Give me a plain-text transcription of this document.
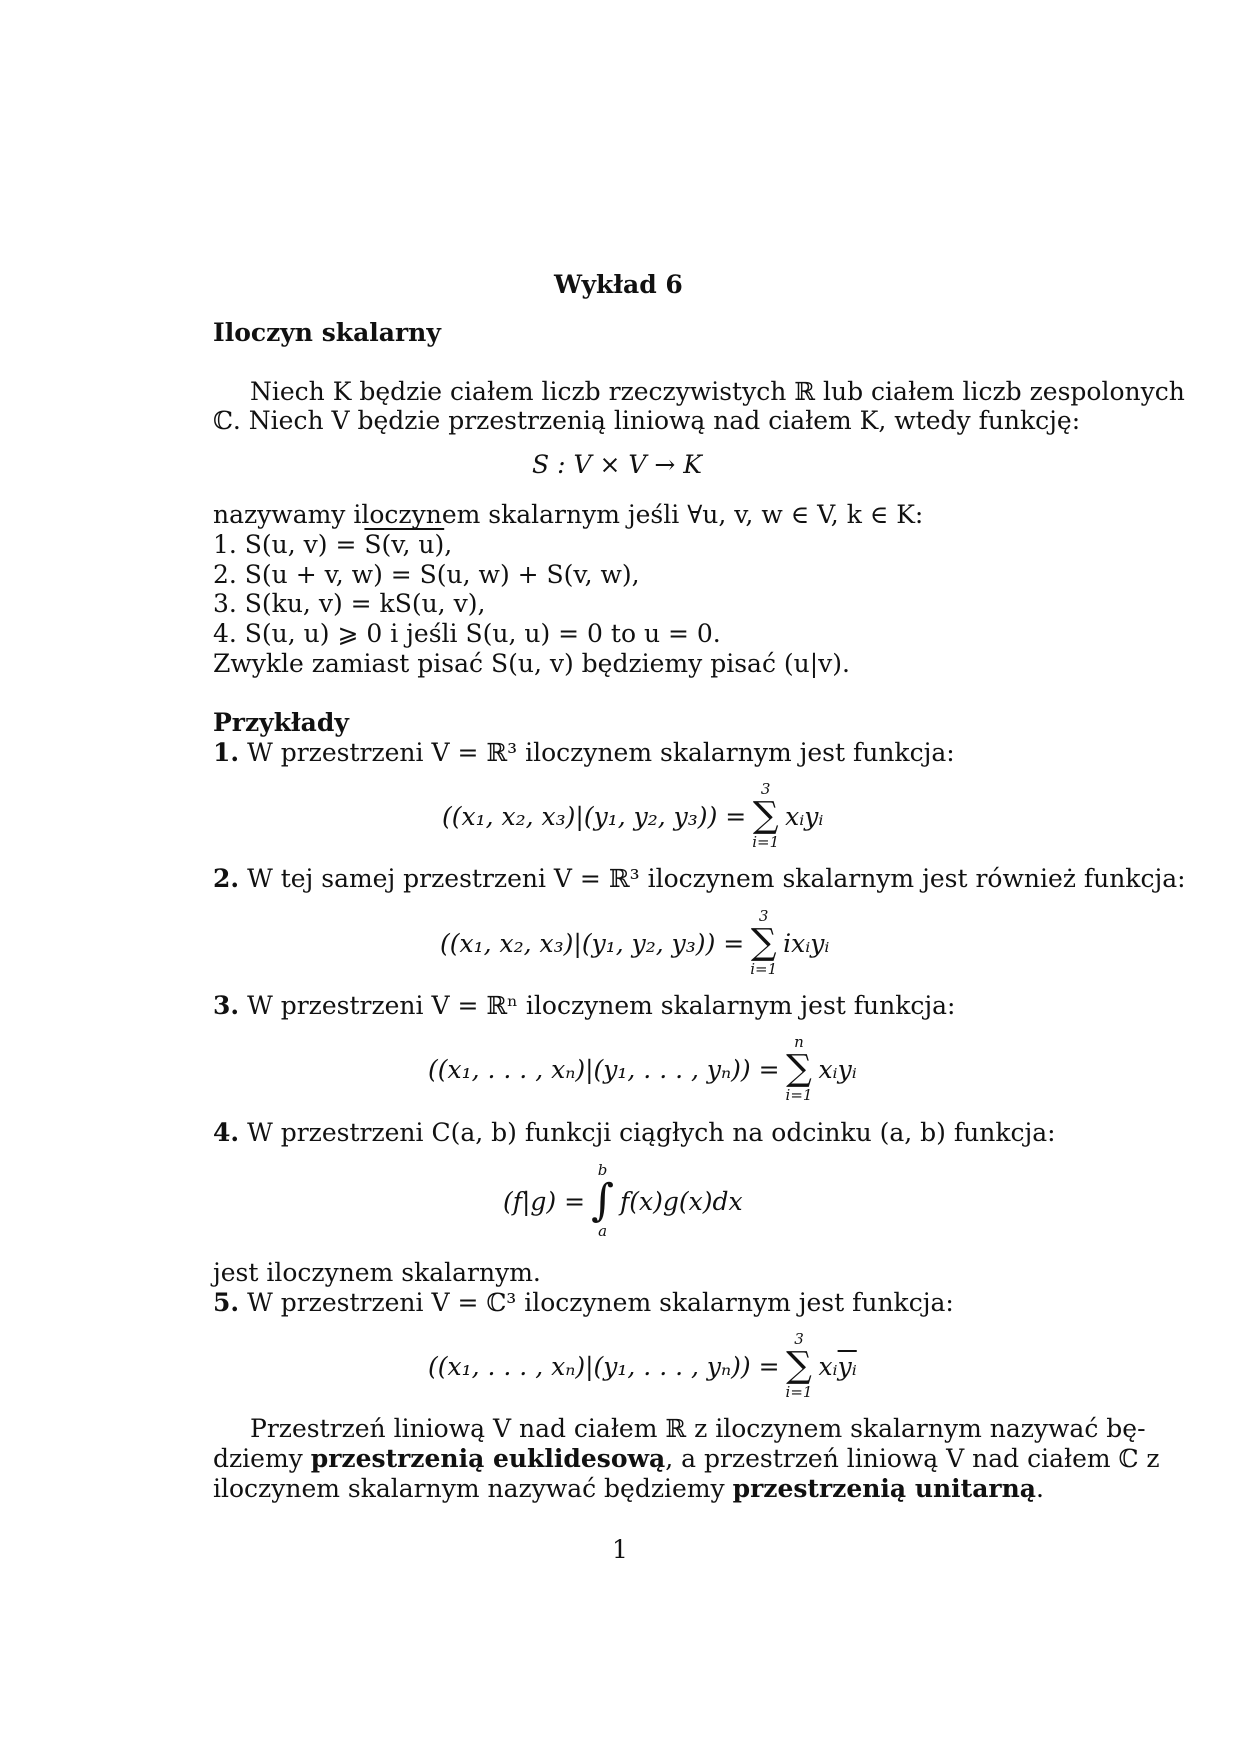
Wykład 6
Iloczyn skalarny
Niech K będzie ciałem liczb rzeczywistych ℝ lub ciałem liczb zespolonych
ℂ. Niech V będzie przestrzenią liniową nad ciałem K, wtedy funkcję:
S : V × V → K
nazywamy iloczynem skalarnym jeśli ∀u, v, w ∈ V, k ∈ K:
1. S(u, v) = S(v, u),
2. S(u + v, w) = S(u, w) + S(v, w),
3. S(ku, v) = kS(u, v),
4. S(u, u) ⩾ 0 i jeśli S(u, u) = 0 to u = 0.
Zwykle zamiast pisać S(u, v) będziemy pisać (u|v).
Przykłady
1. W przestrzeni V = ℝ³ iloczynem skalarnym jest funkcja:
((x₁, x₂, x₃)|(y₁, y₂, y₃)) =
3
∑
i=1
xᵢyᵢ
2. W tej samej przestrzeni V = ℝ³ iloczynem skalarnym jest również funkcja:
((x₁, x₂, x₃)|(y₁, y₂, y₃)) =
3
∑
i=1
ixᵢyᵢ
3. W przestrzeni V = ℝⁿ iloczynem skalarnym jest funkcja:
((x₁, . . . , xₙ)|(y₁, . . . , yₙ)) =
n
∑
i=1
xᵢyᵢ
4. W przestrzeni C(a, b) funkcji ciągłych na odcinku (a, b) funkcja:
(f|g) =
b
∫
a
f(x)g(x)dx
jest iloczynem skalarnym.
5. W przestrzeni V = ℂ³ iloczynem skalarnym jest funkcja:
((x₁, . . . , xₙ)|(y₁, . . . , yₙ)) =
3
∑
i=1
$xᵢ\overline{yᵢ}$
Przestrzeń liniową V nad ciałem ℝ z iloczynem skalarnym nazywać bę-
dziemy przestrzenią euklidesową, a przestrzeń liniową V nad ciałem ℂ z
iloczynem skalarnym nazywać będziemy przestrzenią unitarną.
1
